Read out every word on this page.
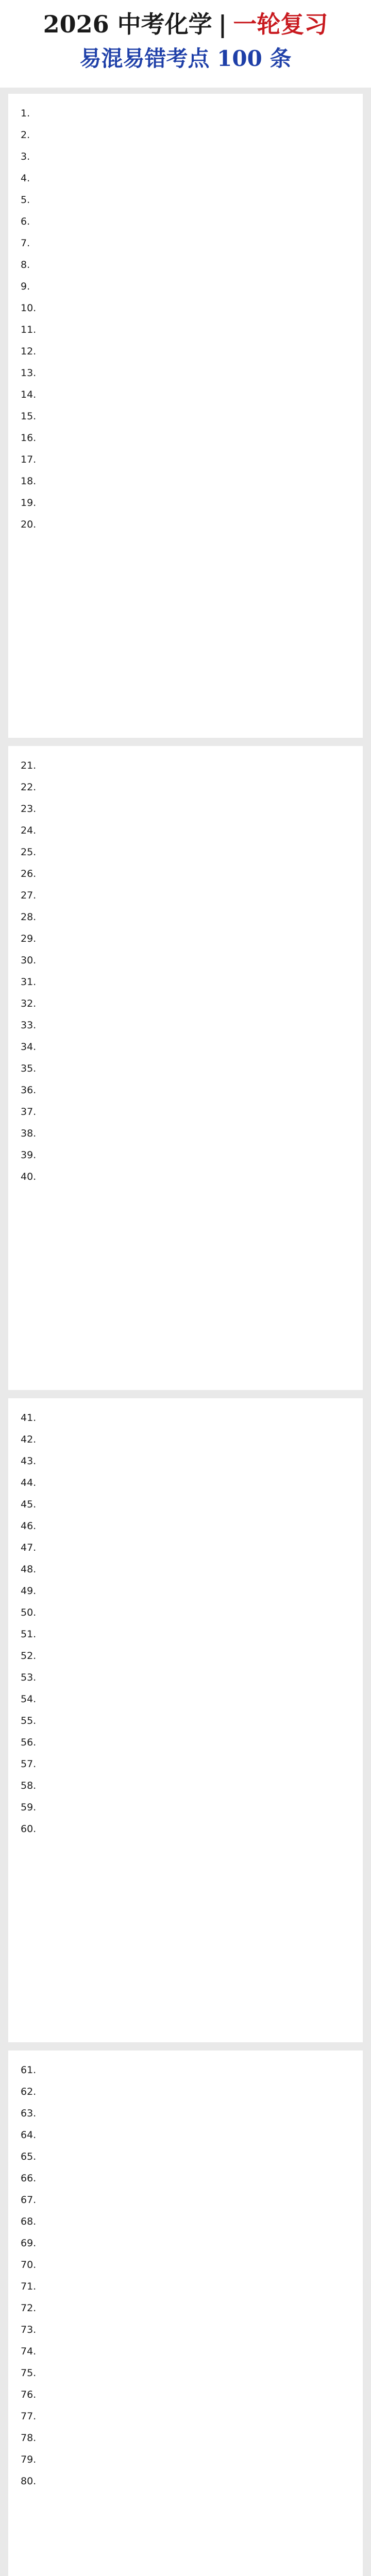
2026 中考化学 | 一轮复习
易混易错考点 100 条
1.
2.
3.
4.
5.
6.
7.
8.
9.
10.
11.
12.
13.
14.
15.
16.
17.
18.
19.
20.
21.
22.
23.
24.
25.
26.
27.
28.
29.
30.
31.
32.
33.
34.
35.
36.
37.
38.
39.
40.
41.
42.
43.
44.
45.
46.
47.
48.
49.
50.
51.
52.
53.
54.
55.
56.
57.
58.
59.
60.
61.
62.
63.
64.
65.
66.
67.
68.
69.
70.
71.
72.
73.
74.
75.
76.
77.
78.
79.
80.
